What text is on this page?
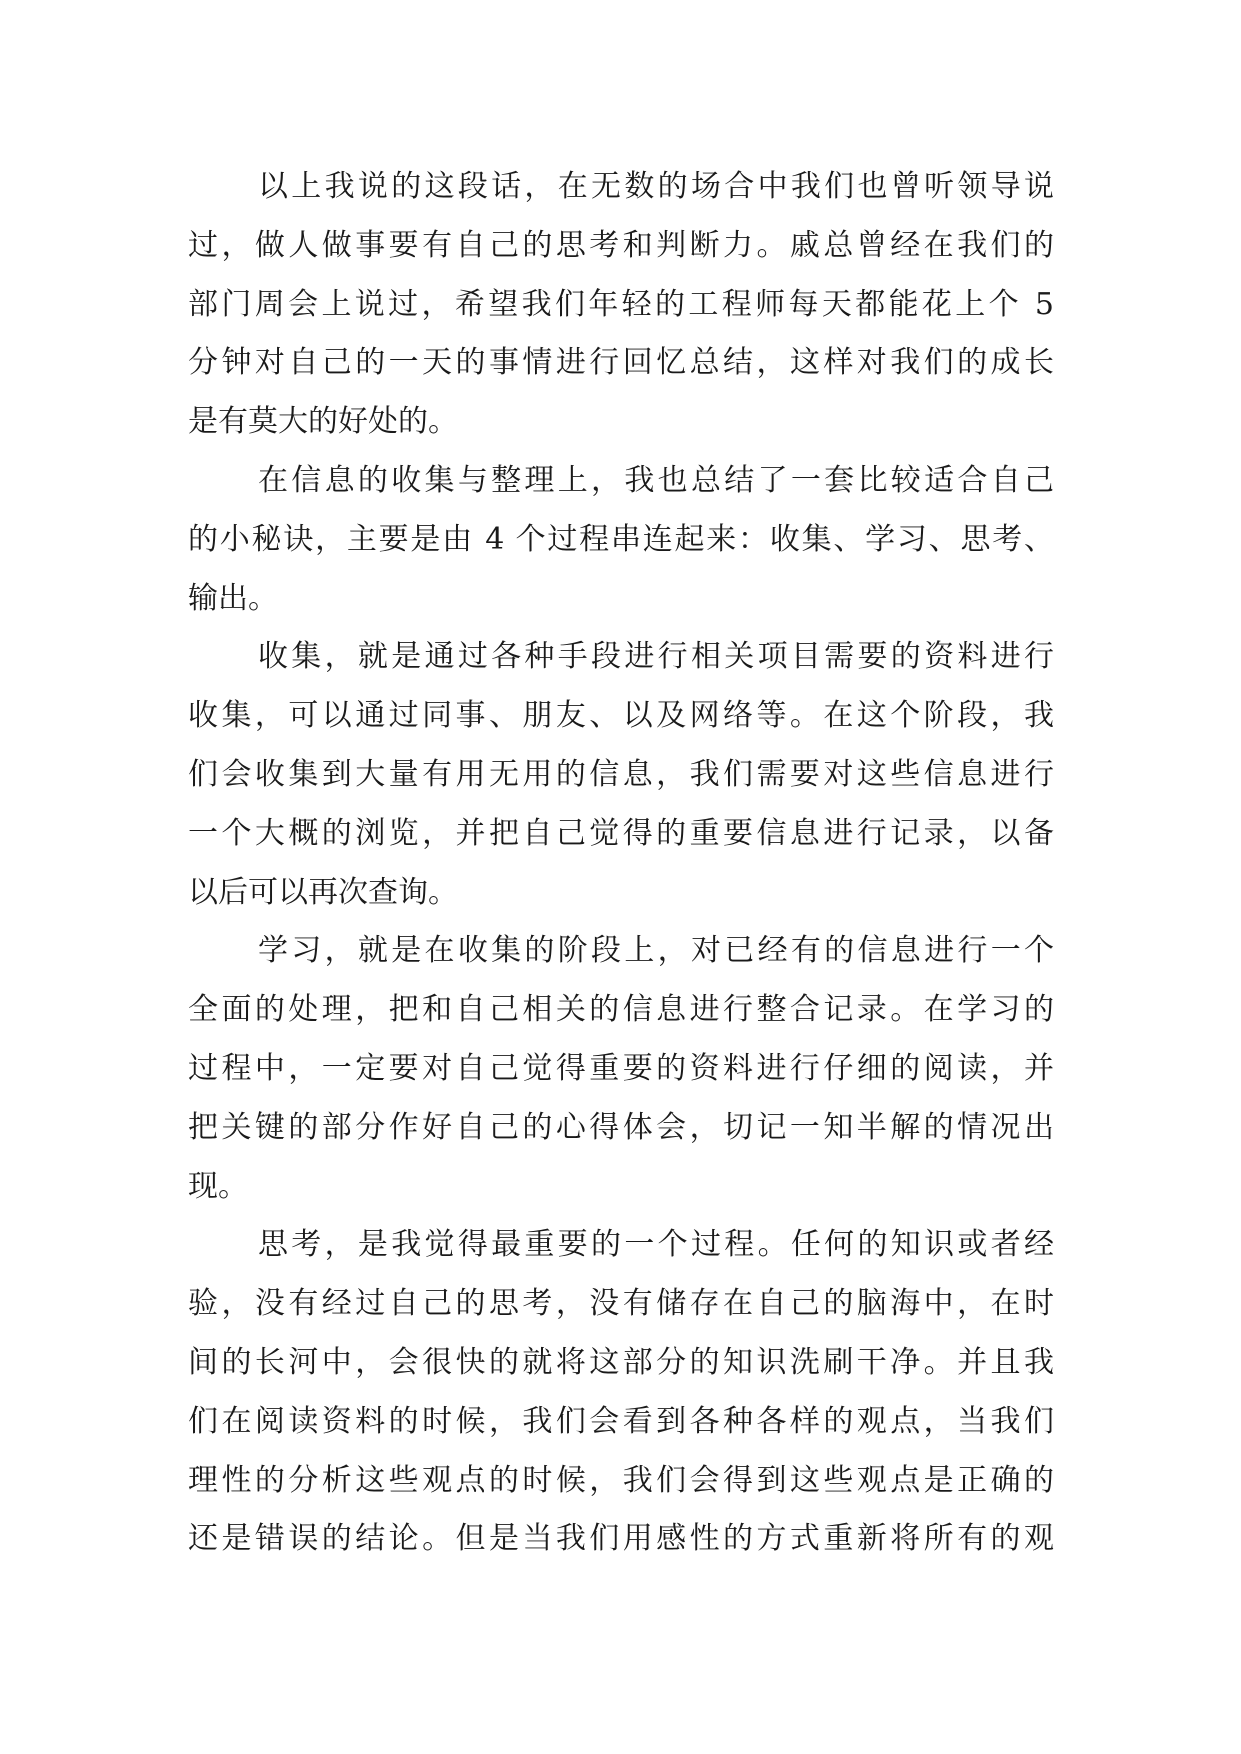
以上我说的这段话，在无数的场合中我们也曾听领导说
过，做人做事要有自己的思考和判断力。戚总曾经在我们的
部门周会上说过，希望我们年轻的工程师每天都能花上个 5
分钟对自己的一天的事情进行回忆总结，这样对我们的成长
是有莫大的好处的。
在信息的收集与整理上，我也总结了一套比较适合自己
的小秘诀，主要是由 4 个过程串连起来：收集、学习、思考、
输出。
收集，就是通过各种手段进行相关项目需要的资料进行
收集，可以通过同事、朋友、以及网络等。在这个阶段，我
们会收集到大量有用无用的信息，我们需要对这些信息进行
一个大概的浏览，并把自己觉得的重要信息进行记录，以备
以后可以再次查询。
学习，就是在收集的阶段上，对已经有的信息进行一个
全面的处理，把和自己相关的信息进行整合记录。在学习的
过程中，一定要对自己觉得重要的资料进行仔细的阅读，并
把关键的部分作好自己的心得体会，切记一知半解的情况出
现。
思考，是我觉得最重要的一个过程。任何的知识或者经
验，没有经过自己的思考，没有储存在自己的脑海中，在时
间的长河中，会很快的就将这部分的知识洗刷干净。并且我
们在阅读资料的时候，我们会看到各种各样的观点，当我们
理性的分析这些观点的时候，我们会得到这些观点是正确的
还是错误的结论。但是当我们用感性的方式重新将所有的观
